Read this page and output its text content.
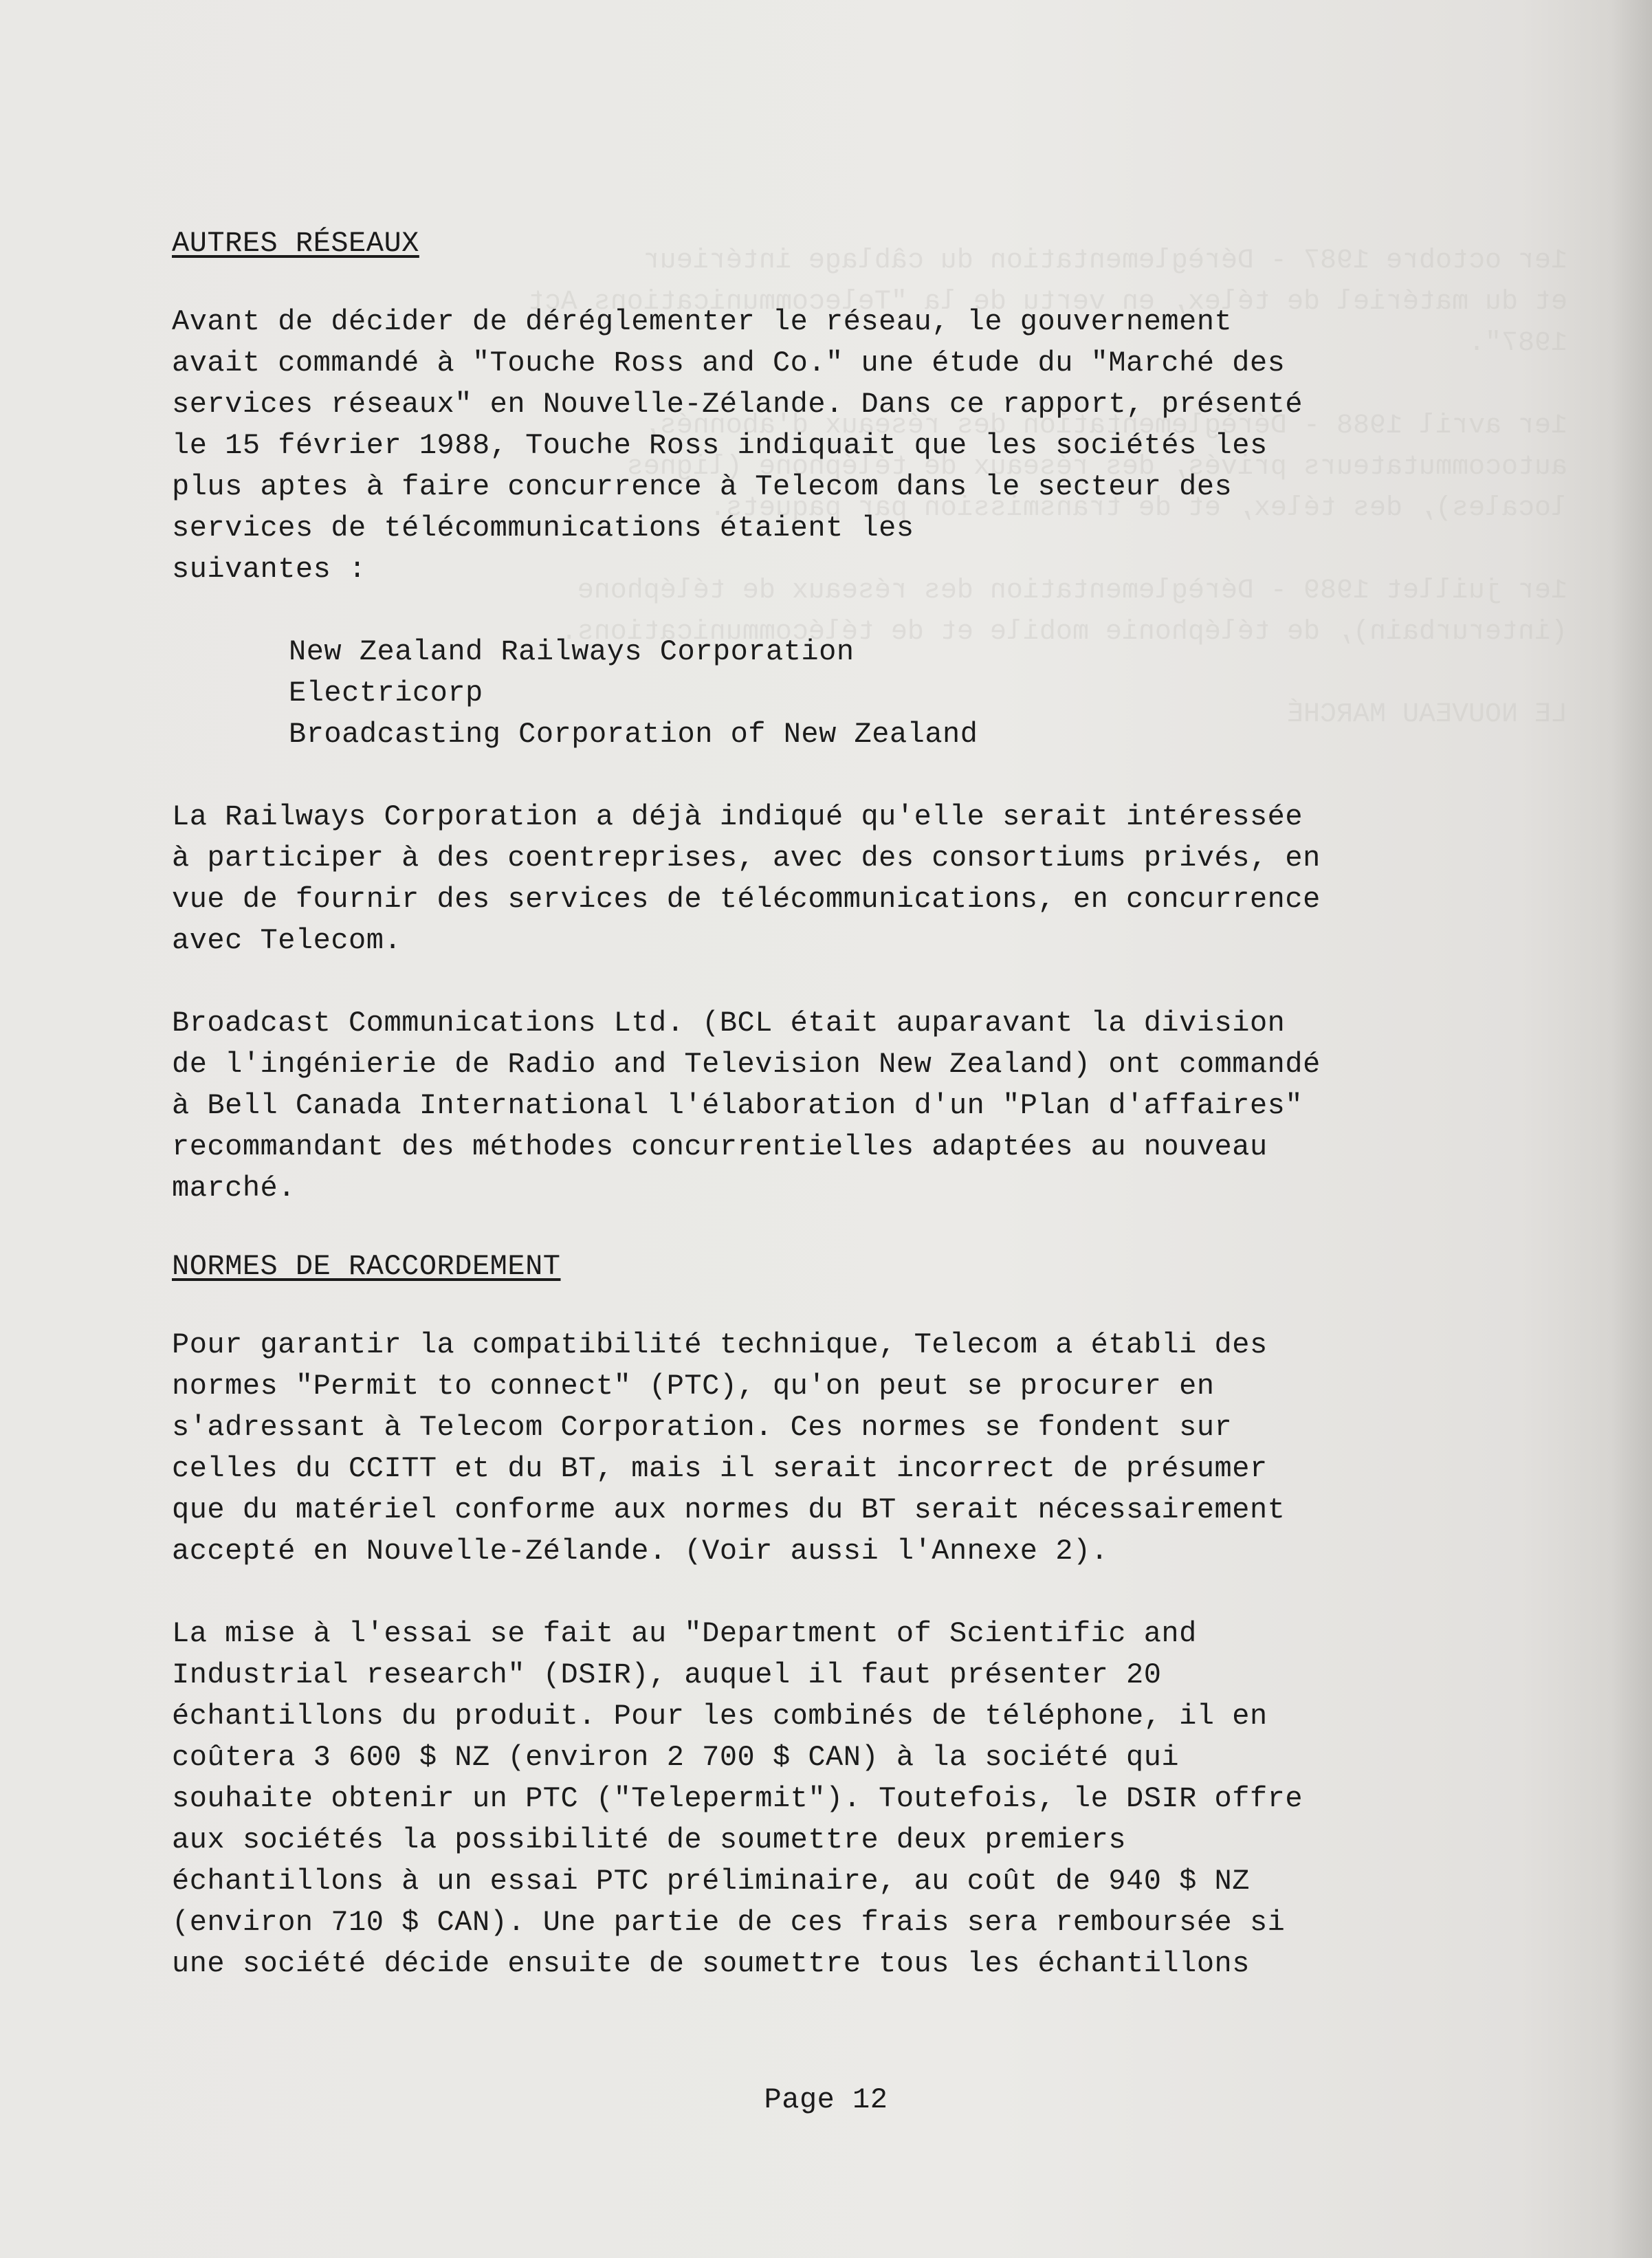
1er octobre 1987 - Dérèglementation du câblage intérieur
et du matériel de télex, en vertu de la "Telecommunications Act
1987".

1er avril 1988 - Dérèglementation des réseaux d'abonnés,
autocommutateurs privés, des réseaux de téléphone (lignes
locales), des télex, et de transmission par paquets.

1er juillet 1989 - Dérèglementation des réseaux de téléphone
(interurbain), de téléphonie mobile et de télécommunications.

LE NOUVEAU MARCHÉ

AUTRES RÉSEAUX

Avant de décider de déréglementer le réseau, le gouvernement
avait commandé à "Touche Ross and Co." une étude du "Marché des
services réseaux" en Nouvelle-Zélande. Dans ce rapport, présenté
le 15 février 1988, Touche Ross indiquait que les sociétés les
plus aptes à faire concurrence à Telecom dans le secteur des
services de télécommunications étaient les
suivantes :

New Zealand Railways Corporation
Electricorp
Broadcasting Corporation of New Zealand

La Railways Corporation a déjà indiqué qu'elle serait intéressée
à participer à des coentreprises, avec des consortiums privés, en
vue de fournir des services de télécommunications, en concurrence
avec Telecom.

Broadcast Communications Ltd. (BCL était auparavant la division
de l'ingénierie de Radio and Television New Zealand) ont commandé
à Bell Canada International l'élaboration d'un "Plan d'affaires"
recommandant des méthodes concurrentielles adaptées au nouveau
marché.

NORMES DE RACCORDEMENT

Pour garantir la compatibilité technique, Telecom a établi des
normes "Permit to connect" (PTC), qu'on peut se procurer en
s'adressant à Telecom Corporation. Ces normes se fondent sur
celles du CCITT et du BT, mais il serait incorrect de présumer
que du matériel conforme aux normes du BT serait nécessairement
accepté en Nouvelle-Zélande. (Voir aussi l'Annexe 2).

La mise à l'essai se fait au "Department of Scientific and
Industrial research" (DSIR), auquel il faut présenter 20
échantillons du produit. Pour les combinés de téléphone, il en
coûtera 3 600 $ NZ (environ 2 700 $ CAN) à la société qui
souhaite obtenir un PTC ("Telepermit"). Toutefois, le DSIR offre
aux sociétés la possibilité de soumettre deux premiers
échantillons à un essai PTC préliminaire, au coût de 940 $ NZ
(environ 710 $ CAN). Une partie de ces frais sera remboursée si
une société décide ensuite de soumettre tous les échantillons

Page 12
